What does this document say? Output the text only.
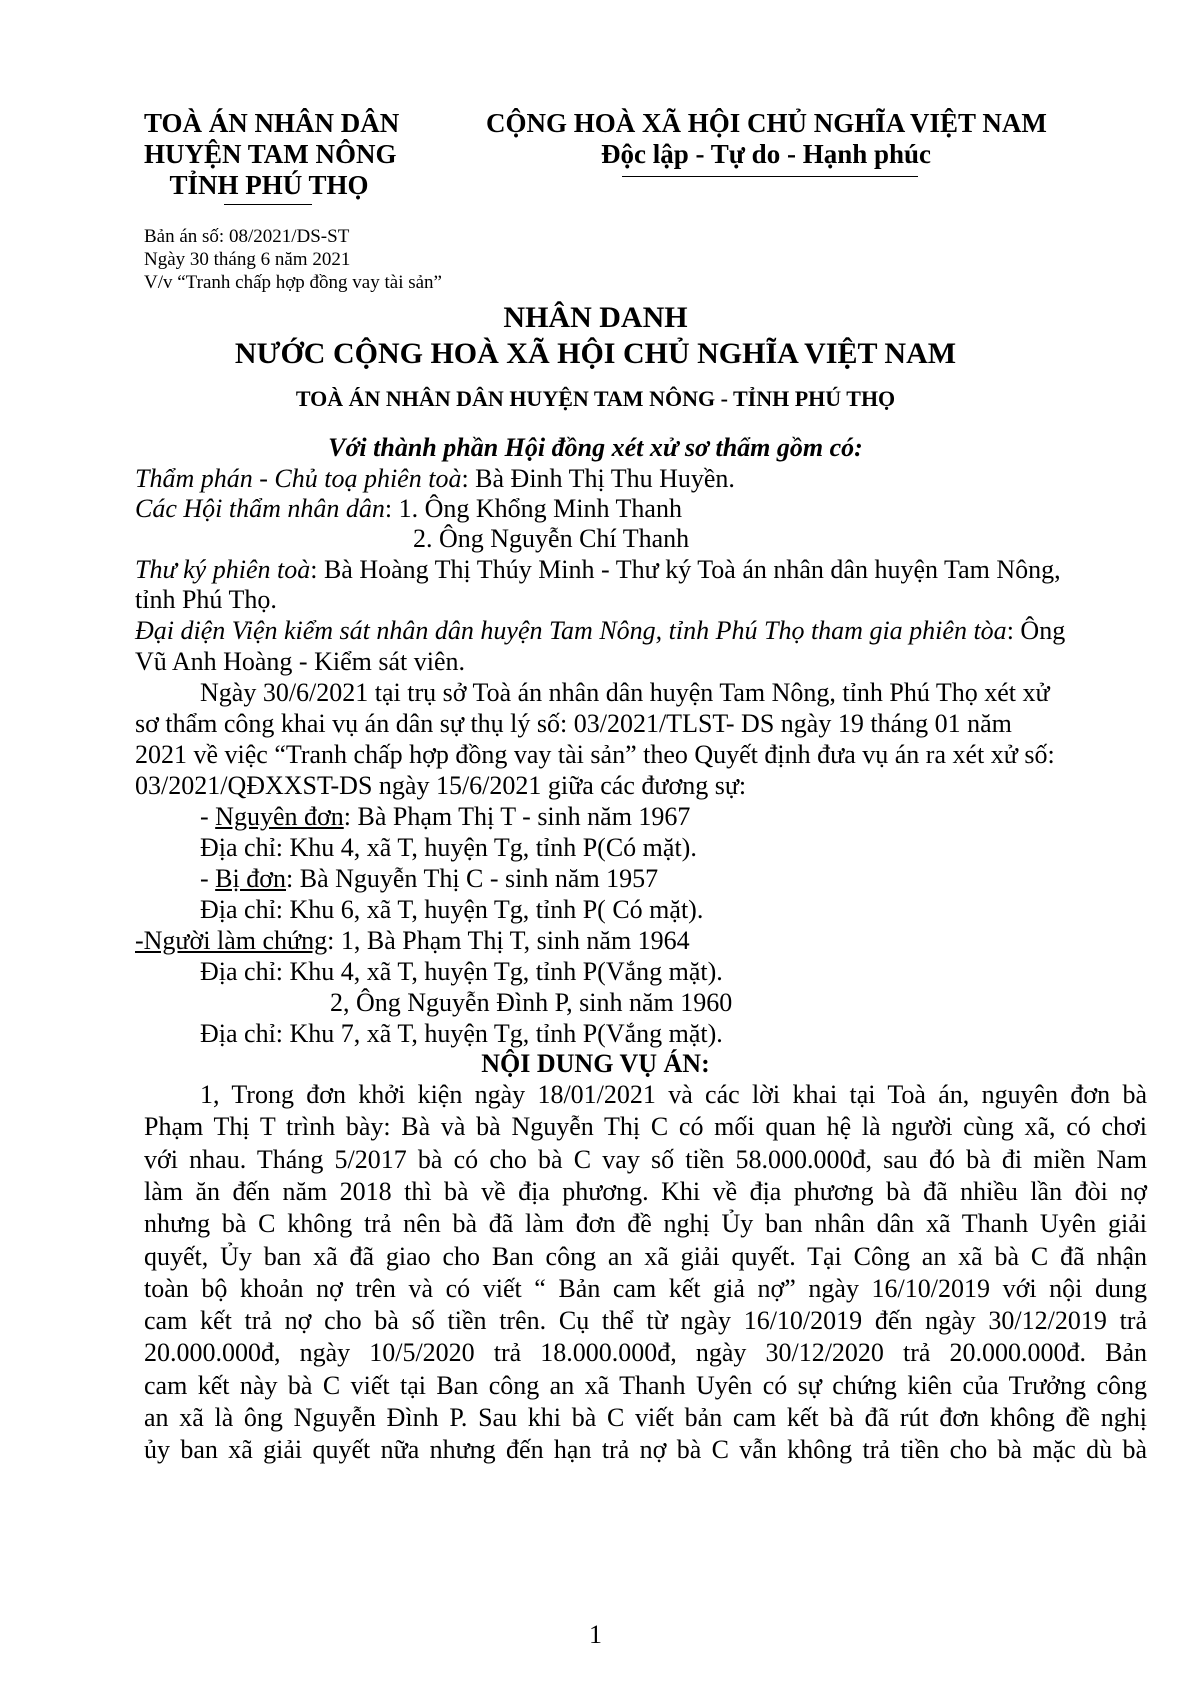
TOÀ ÁN NHÂN DÂN
HUYỆN TAM NÔNG
TỈNH PHÚ THỌ
CỘNG HOÀ XÃ HỘI CHỦ NGHĨA VIỆT NAM
Độc lập - Tự do - Hạnh phúc
Bản án số: 08/2021/DS-ST
Ngày 30 tháng 6 năm 2021
V/v “Tranh chấp hợp đồng vay tài sản”
NHÂN DANH
NƯỚC CỘNG HOÀ XÃ HỘI CHỦ NGHĨA VIỆT NAM
TOÀ ÁN NHÂN DÂN HUYỆN TAM NÔNG - TỈNH PHÚ THỌ
Với thành phần Hội đồng xét xử sơ thẩm gồm có:
Thẩm phán - Chủ toạ phiên toà: Bà Đinh Thị Thu Huyền.
Các Hội thẩm nhân dân: 1. Ông Khổng Minh Thanh
2. Ông Nguyễn Chí Thanh
Thư ký phiên toà: Bà Hoàng Thị Thúy Minh - Thư ký Toà án nhân dân huyện Tam Nông,
tỉnh Phú Thọ.
Đại diện Viện kiểm sát nhân dân huyện Tam Nông, tỉnh Phú Thọ tham gia phiên tòa: Ông
Vũ Anh Hoàng - Kiểm sát viên.
Ngày 30/6/2021 tại trụ sở Toà án nhân dân huyện Tam Nông, tỉnh Phú Thọ xét xử
sơ thẩm công khai vụ án dân sự thụ lý số: 03/2021/TLST- DS ngày 19 tháng 01 năm
2021 về việc “Tranh chấp hợp đồng vay tài sản” theo Quyết định đưa vụ án ra xét xử số:
03/2021/QĐXXST-DS ngày 15/6/2021 giữa các đương sự:
- Nguyên đơn: Bà Phạm Thị T - sinh năm 1967
Địa chỉ: Khu 4, xã T, huyện Tg, tỉnh P(Có mặt).
- Bị đơn: Bà Nguyễn Thị C - sinh năm 1957
Địa chỉ: Khu 6, xã T, huyện Tg, tỉnh P( Có mặt).
-Người làm chứng: 1, Bà Phạm Thị T, sinh năm 1964
Địa chỉ: Khu 4, xã T, huyện Tg, tỉnh P(Vắng mặt).
2, Ông Nguyễn Đình P, sinh năm 1960
Địa chỉ: Khu 7, xã T, huyện Tg, tỉnh P(Vắng mặt).
NỘI DUNG VỤ ÁN:
1, Trong đơn khởi kiện ngày 18/01/2021 và các lời khai tại Toà án, nguyên đơn bà
Phạm Thị T trình bày: Bà và bà Nguyễn Thị C có mối quan hệ là người cùng xã, có chơi
với nhau. Tháng 5/2017 bà có cho bà C vay số tiền 58.000.000đ, sau đó bà đi miền Nam
làm ăn đến năm 2018 thì bà về địa phương. Khi về địa phương bà đã nhiều lần đòi nợ
nhưng bà C không trả nên bà đã làm đơn đề nghị Ủy ban nhân dân xã Thanh Uyên giải
quyết, Ủy ban xã đã giao cho Ban công an xã giải quyết. Tại Công an xã bà C đã nhận
toàn bộ khoản nợ trên và có viết “ Bản cam kết giả nợ” ngày 16/10/2019 với nội dung
cam kết trả nợ cho bà số tiền trên. Cụ thể từ ngày 16/10/2019 đến ngày 30/12/2019 trả
20.000.000đ, ngày 10/5/2020 trả 18.000.000đ, ngày 30/12/2020 trả 20.000.000đ. Bản
cam kết này bà C viết tại Ban công an xã Thanh Uyên có sự chứng kiên của Trưởng công
an xã là ông Nguyễn Đình P. Sau khi bà C viết bản cam kết bà đã rút đơn không đề nghị
ủy ban xã giải quyết nữa nhưng đến hạn trả nợ bà C vẫn không trả tiền cho bà mặc dù bà
1
